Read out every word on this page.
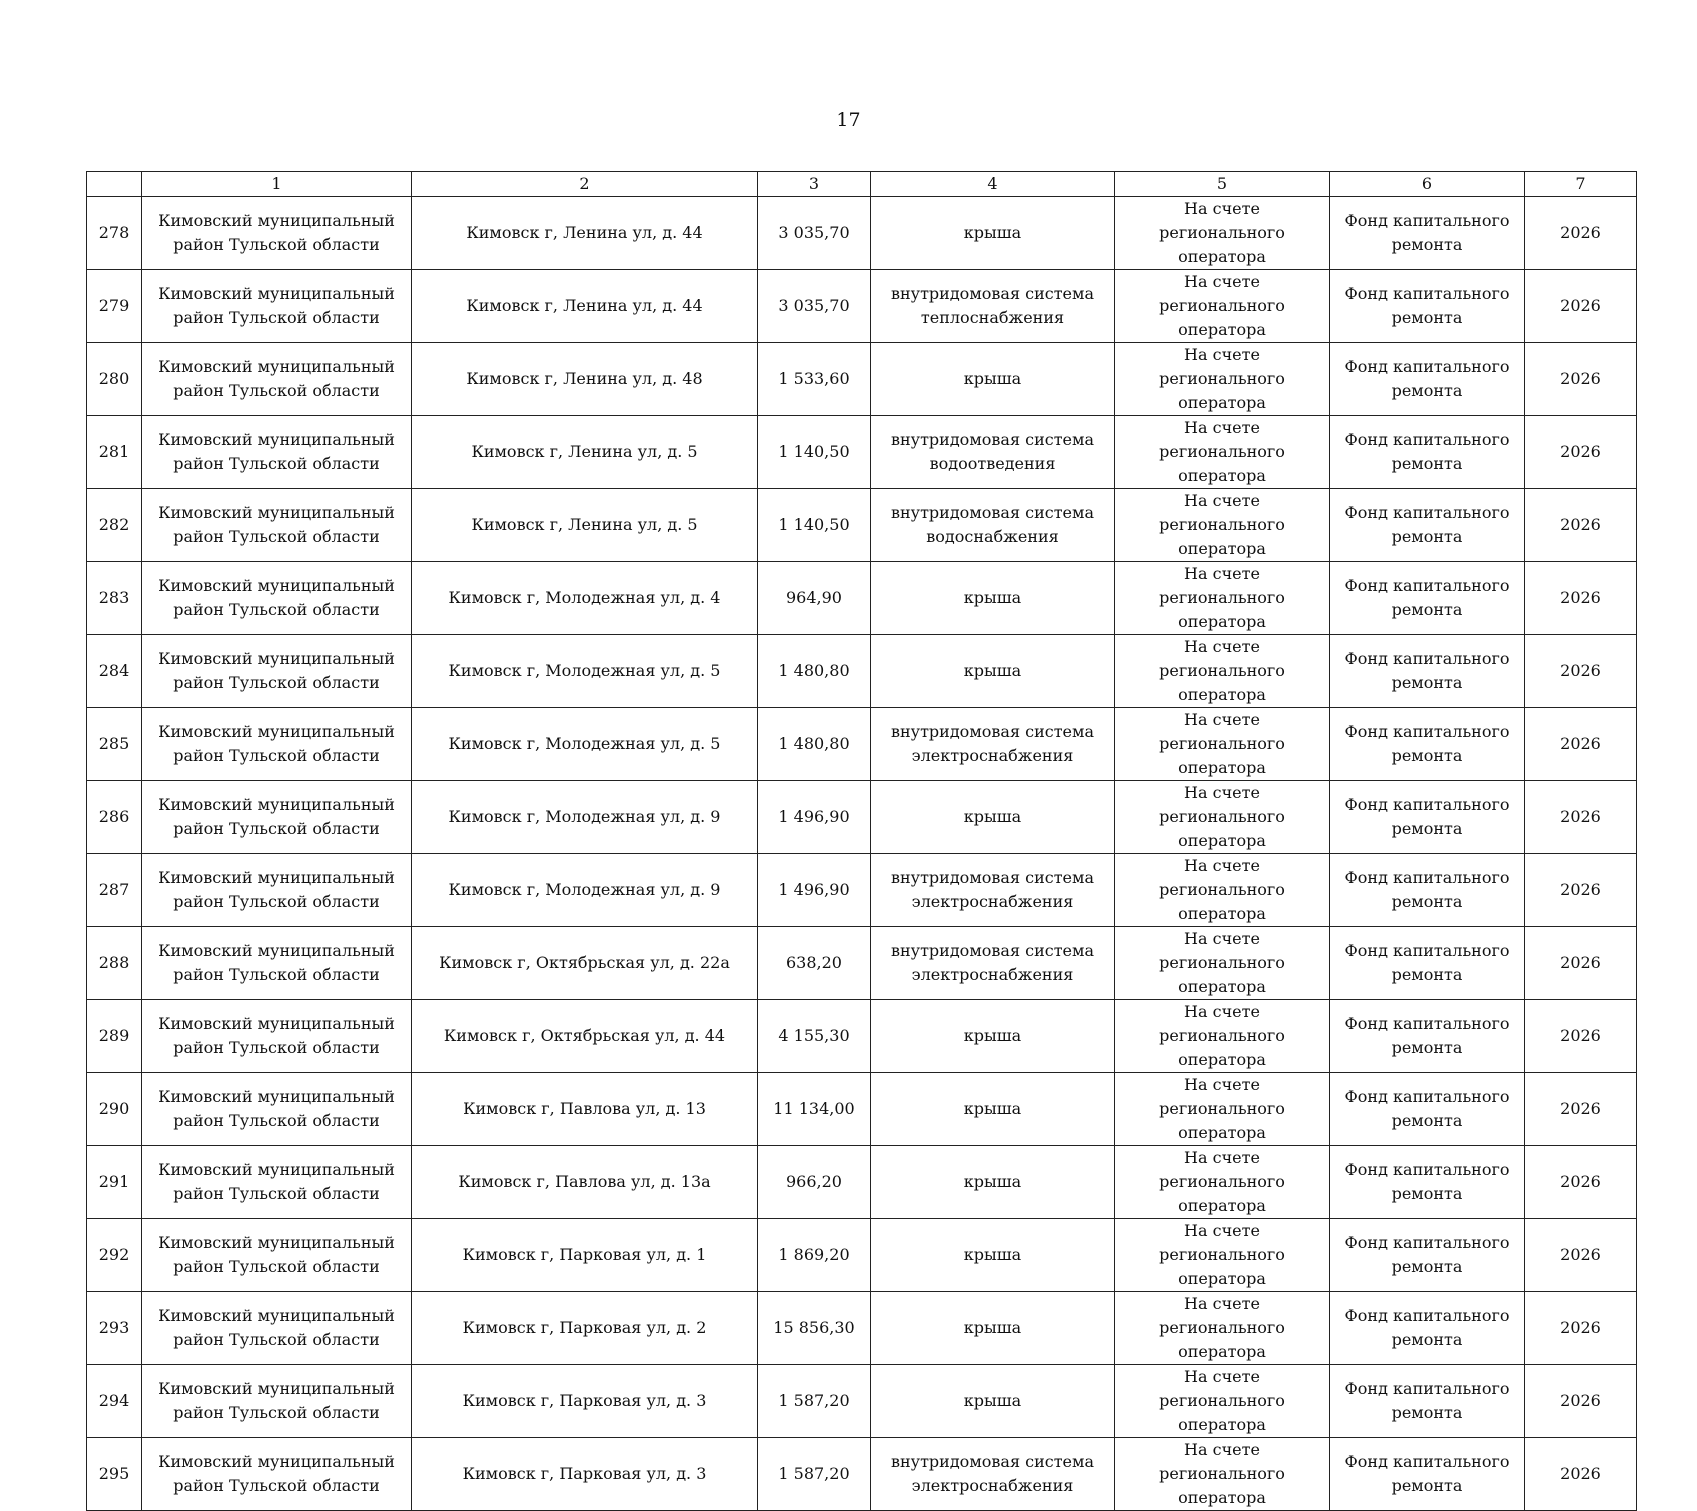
17
	1	2	3	4	5	6	7
278	Кимовский муниципальный район Тульской области	Кимовск г, Ленина ул, д. 44	3 035,70	крыша	На счете регионального оператора	Фонд капитального ремонта	2026
279	Кимовский муниципальный район Тульской области	Кимовск г, Ленина ул, д. 44	3 035,70	внутридомовая система теплоснабжения	На счете регионального оператора	Фонд капитального ремонта	2026
280	Кимовский муниципальный район Тульской области	Кимовск г, Ленина ул, д. 48	1 533,60	крыша	На счете регионального оператора	Фонд капитального ремонта	2026
281	Кимовский муниципальный район Тульской области	Кимовск г, Ленина ул, д. 5	1 140,50	внутридомовая система водоотведения	На счете регионального оператора	Фонд капитального ремонта	2026
282	Кимовский муниципальный район Тульской области	Кимовск г, Ленина ул, д. 5	1 140,50	внутридомовая система водоснабжения	На счете регионального оператора	Фонд капитального ремонта	2026
283	Кимовский муниципальный район Тульской области	Кимовск г, Молодежная ул, д. 4	964,90	крыша	На счете регионального оператора	Фонд капитального ремонта	2026
284	Кимовский муниципальный район Тульской области	Кимовск г, Молодежная ул, д. 5	1 480,80	крыша	На счете регионального оператора	Фонд капитального ремонта	2026
285	Кимовский муниципальный район Тульской области	Кимовск г, Молодежная ул, д. 5	1 480,80	внутридомовая система электроснабжения	На счете регионального оператора	Фонд капитального ремонта	2026
286	Кимовский муниципальный район Тульской области	Кимовск г, Молодежная ул, д. 9	1 496,90	крыша	На счете регионального оператора	Фонд капитального ремонта	2026
287	Кимовский муниципальный район Тульской области	Кимовск г, Молодежная ул, д. 9	1 496,90	внутридомовая система электроснабжения	На счете регионального оператора	Фонд капитального ремонта	2026
288	Кимовский муниципальный район Тульской области	Кимовск г, Октябрьская ул, д. 22а	638,20	внутридомовая система электроснабжения	На счете регионального оператора	Фонд капитального ремонта	2026
289	Кимовский муниципальный район Тульской области	Кимовск г, Октябрьская ул, д. 44	4 155,30	крыша	На счете регионального оператора	Фонд капитального ремонта	2026
290	Кимовский муниципальный район Тульской области	Кимовск г, Павлова ул, д. 13	11 134,00	крыша	На счете регионального оператора	Фонд капитального ремонта	2026
291	Кимовский муниципальный район Тульской области	Кимовск г, Павлова ул, д. 13а	966,20	крыша	На счете регионального оператора	Фонд капитального ремонта	2026
292	Кимовский муниципальный район Тульской области	Кимовск г, Парковая ул, д. 1	1 869,20	крыша	На счете регионального оператора	Фонд капитального ремонта	2026
293	Кимовский муниципальный район Тульской области	Кимовск г, Парковая ул, д. 2	15 856,30	крыша	На счете регионального оператора	Фонд капитального ремонта	2026
294	Кимовский муниципальный район Тульской области	Кимовск г, Парковая ул, д. 3	1 587,20	крыша	На счете регионального оператора	Фонд капитального ремонта	2026
295	Кимовский муниципальный район Тульской области	Кимовск г, Парковая ул, д. 3	1 587,20	внутридомовая система электроснабжения	На счете регионального оператора	Фонд капитального ремонта	2026
